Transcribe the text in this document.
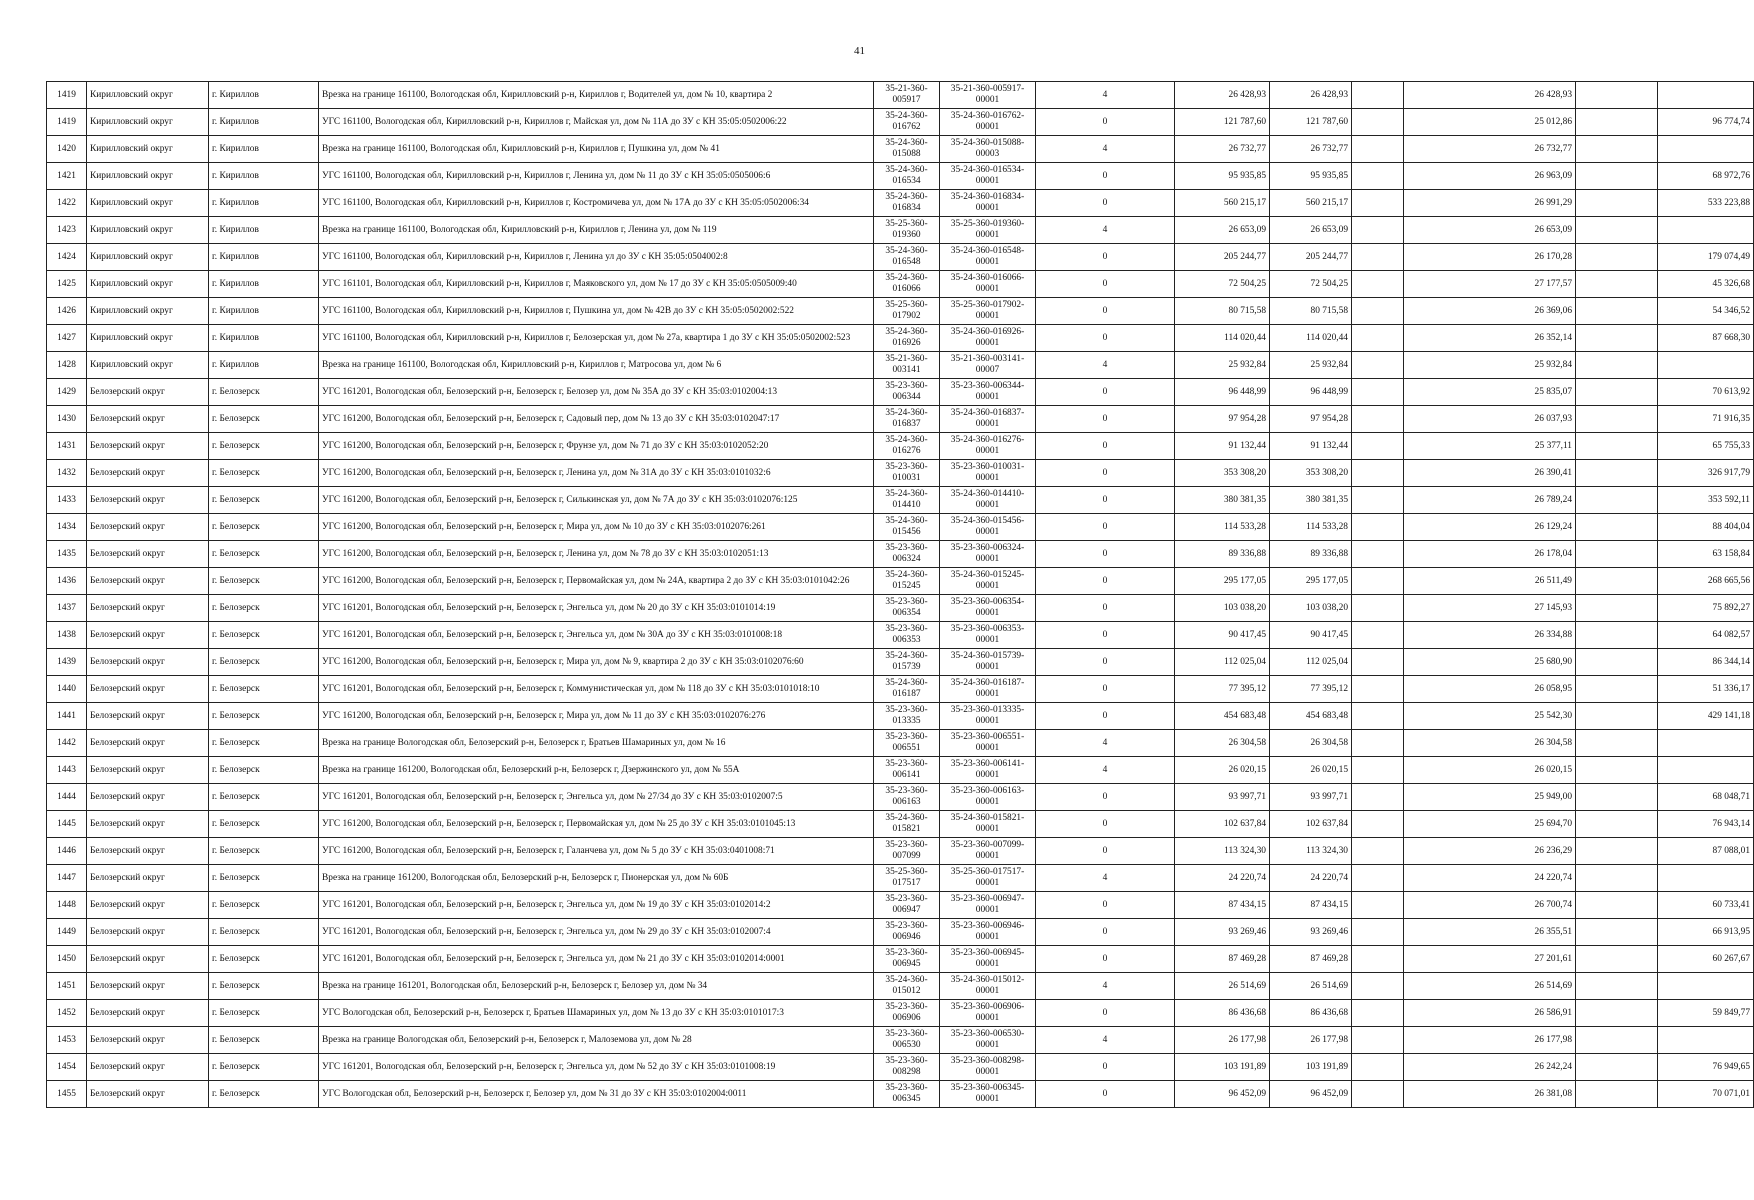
41
1419	Кирилловский округ	г. Кириллов	Врезка на границе 161100, Вологодская обл, Кирилловский р-н, Кириллов г, Водителей ул, дом № 10, квартира 2	35-21-360-005917	35-21-360-005917-00001	4	26 428,93	26 428,93		26 428,93		
1419	Кирилловский округ	г. Кириллов	УГС 161100, Вологодская обл, Кирилловский р-н, Кириллов г, Майская ул, дом № 11А до ЗУ с КН 35:05:0502006:22	35-24-360-016762	35-24-360-016762-00001	0	121 787,60	121 787,60		25 012,86		96 774,74
1420	Кирилловский округ	г. Кириллов	Врезка на границе 161100, Вологодская обл, Кирилловский р-н, Кириллов г, Пушкина ул, дом № 41	35-24-360-015088	35-24-360-015088-00003	4	26 732,77	26 732,77		26 732,77		
1421	Кирилловский округ	г. Кириллов	УГС 161100, Вологодская обл, Кирилловский р-н, Кириллов г, Ленина ул, дом № 11 до ЗУ с КН 35:05:0505006:6	35-24-360-016534	35-24-360-016534-00001	0	95 935,85	95 935,85		26 963,09		68 972,76
1422	Кирилловский округ	г. Кириллов	УГС 161100, Вологодская обл, Кирилловский р-н, Кириллов г, Костромичева ул, дом № 17А до ЗУ с КН 35:05:0502006:34	35-24-360-016834	35-24-360-016834-00001	0	560 215,17	560 215,17		26 991,29		533 223,88
1423	Кирилловский округ	г. Кириллов	Врезка на границе 161100, Вологодская обл, Кирилловский р-н, Кириллов г, Ленина ул, дом № 119	35-25-360-019360	35-25-360-019360-00001	4	26 653,09	26 653,09		26 653,09		
1424	Кирилловский округ	г. Кириллов	УГС 161100, Вологодская обл, Кирилловский р-н, Кириллов г, Ленина ул до ЗУ с КН 35:05:0504002:8	35-24-360-016548	35-24-360-016548-00001	0	205 244,77	205 244,77		26 170,28		179 074,49
1425	Кирилловский округ	г. Кириллов	УГС 161101, Вологодская обл, Кирилловский р-н, Кириллов г, Маяковского ул, дом № 17 до ЗУ с КН 35:05:0505009:40	35-24-360-016066	35-24-360-016066-00001	0	72 504,25	72 504,25		27 177,57		45 326,68
1426	Кирилловский округ	г. Кириллов	УГС 161100, Вологодская обл, Кирилловский р-н, Кириллов г, Пушкина ул, дом № 42В до ЗУ с КН 35:05:0502002:522	35-25-360-017902	35-25-360-017902-00001	0	80 715,58	80 715,58		26 369,06		54 346,52
1427	Кирилловский округ	г. Кириллов	УГС 161100, Вологодская обл, Кирилловский р-н, Кириллов г, Белозерская ул, дом № 27а, квартира 1 до ЗУ с КН 35:05:0502002:523	35-24-360-016926	35-24-360-016926-00001	0	114 020,44	114 020,44		26 352,14		87 668,30
1428	Кирилловский округ	г. Кириллов	Врезка на границе 161100, Вологодская обл, Кирилловский р-н, Кириллов г, Матросова ул, дом № 6	35-21-360-003141	35-21-360-003141-00007	4	25 932,84	25 932,84		25 932,84		
1429	Белозерский округ	г. Белозерск	УГС 161201, Вологодская обл, Белозерский р-н, Белозерск г, Белозер ул, дом № 35А до ЗУ с КН 35:03:0102004:13	35-23-360-006344	35-23-360-006344-00001	0	96 448,99	96 448,99		25 835,07		70 613,92
1430	Белозерский округ	г. Белозерск	УГС 161200, Вологодская обл, Белозерский р-н, Белозерск г, Садовый пер, дом № 13 до ЗУ с КН 35:03:0102047:17	35-24-360-016837	35-24-360-016837-00001	0	97 954,28	97 954,28		26 037,93		71 916,35
1431	Белозерский округ	г. Белозерск	УГС 161200, Вологодская обл, Белозерский р-н, Белозерск г, Фрунзе ул, дом № 71 до ЗУ с КН 35:03:0102052:20	35-24-360-016276	35-24-360-016276-00001	0	91 132,44	91 132,44		25 377,11		65 755,33
1432	Белозерский округ	г. Белозерск	УГС 161200, Вологодская обл, Белозерский р-н, Белозерск г, Ленина ул, дом № 31А до ЗУ с КН 35:03:0101032:6	35-23-360-010031	35-23-360-010031-00001	0	353 308,20	353 308,20		26 390,41		326 917,79
1433	Белозерский округ	г. Белозерск	УГС 161200, Вологодская обл, Белозерский р-н, Белозерск г, Силькинская ул, дом № 7А до ЗУ с КН 35:03:0102076:125	35-24-360-014410	35-24-360-014410-00001	0	380 381,35	380 381,35		26 789,24		353 592,11
1434	Белозерский округ	г. Белозерск	УГС 161200, Вологодская обл, Белозерский р-н, Белозерск г, Мира ул, дом № 10 до ЗУ с КН 35:03:0102076:261	35-24-360-015456	35-24-360-015456-00001	0	114 533,28	114 533,28		26 129,24		88 404,04
1435	Белозерский округ	г. Белозерск	УГС 161200, Вологодская обл, Белозерский р-н, Белозерск г, Ленина ул, дом № 78 до ЗУ с КН 35:03:0102051:13	35-23-360-006324	35-23-360-006324-00001	0	89 336,88	89 336,88		26 178,04		63 158,84
1436	Белозерский округ	г. Белозерск	УГС 161200, Вологодская обл, Белозерский р-н, Белозерск г, Первомайская ул, дом № 24А, квартира 2 до ЗУ с КН 35:03:0101042:26	35-24-360-015245	35-24-360-015245-00001	0	295 177,05	295 177,05		26 511,49		268 665,56
1437	Белозерский округ	г. Белозерск	УГС 161201, Вологодская обл, Белозерский р-н, Белозерск г, Энгельса ул, дом № 20 до ЗУ с КН 35:03:0101014:19	35-23-360-006354	35-23-360-006354-00001	0	103 038,20	103 038,20		27 145,93		75 892,27
1438	Белозерский округ	г. Белозерск	УГС 161201, Вологодская обл, Белозерский р-н, Белозерск г, Энгельса ул, дом № 30А до ЗУ с КН 35:03:0101008:18	35-23-360-006353	35-23-360-006353-00001	0	90 417,45	90 417,45		26 334,88		64 082,57
1439	Белозерский округ	г. Белозерск	УГС 161200, Вологодская обл, Белозерский р-н, Белозерск г, Мира ул, дом № 9, квартира 2 до ЗУ с КН 35:03:0102076:60	35-24-360-015739	35-24-360-015739-00001	0	112 025,04	112 025,04		25 680,90		86 344,14
1440	Белозерский округ	г. Белозерск	УГС 161201, Вологодская обл, Белозерский р-н, Белозерск г, Коммунистическая ул, дом № 118 до ЗУ с КН 35:03:0101018:10	35-24-360-016187	35-24-360-016187-00001	0	77 395,12	77 395,12		26 058,95		51 336,17
1441	Белозерский округ	г. Белозерск	УГС 161200, Вологодская обл, Белозерский р-н, Белозерск г, Мира ул, дом № 11 до ЗУ с КН 35:03:0102076:276	35-23-360-013335	35-23-360-013335-00001	0	454 683,48	454 683,48		25 542,30		429 141,18
1442	Белозерский округ	г. Белозерск	Врезка на границе Вологодская обл, Белозерский р-н, Белозерск г, Братьев Шамариных ул, дом № 16	35-23-360-006551	35-23-360-006551-00001	4	26 304,58	26 304,58		26 304,58		
1443	Белозерский округ	г. Белозерск	Врезка на границе 161200, Вологодская обл, Белозерский р-н, Белозерск г, Дзержинского ул, дом № 55А	35-23-360-006141	35-23-360-006141-00001	4	26 020,15	26 020,15		26 020,15		
1444	Белозерский округ	г. Белозерск	УГС 161201, Вологодская обл, Белозерский р-н, Белозерск г, Энгельса ул, дом № 27/34 до ЗУ с КН 35:03:0102007:5	35-23-360-006163	35-23-360-006163-00001	0	93 997,71	93 997,71		25 949,00		68 048,71
1445	Белозерский округ	г. Белозерск	УГС 161200, Вологодская обл, Белозерский р-н, Белозерск г, Первомайская ул, дом № 25 до ЗУ с КН 35:03:0101045:13	35-24-360-015821	35-24-360-015821-00001	0	102 637,84	102 637,84		25 694,70		76 943,14
1446	Белозерский округ	г. Белозерск	УГС 161200, Вологодская обл, Белозерский р-н, Белозерск г, Галанчева ул, дом № 5 до ЗУ с КН 35:03:0401008:71	35-23-360-007099	35-23-360-007099-00001	0	113 324,30	113 324,30		26 236,29		87 088,01
1447	Белозерский округ	г. Белозерск	Врезка на границе 161200, Вологодская обл, Белозерский р-н, Белозерск г, Пионерская ул, дом № 60Б	35-25-360-017517	35-25-360-017517-00001	4	24 220,74	24 220,74		24 220,74		
1448	Белозерский округ	г. Белозерск	УГС 161201, Вологодская обл, Белозерский р-н, Белозерск г, Энгельса ул, дом № 19 до ЗУ с КН 35:03:0102014:2	35-23-360-006947	35-23-360-006947-00001	0	87 434,15	87 434,15		26 700,74		60 733,41
1449	Белозерский округ	г. Белозерск	УГС 161201, Вологодская обл, Белозерский р-н, Белозерск г, Энгельса ул, дом № 29 до ЗУ с КН 35:03:0102007:4	35-23-360-006946	35-23-360-006946-00001	0	93 269,46	93 269,46		26 355,51		66 913,95
1450	Белозерский округ	г. Белозерск	УГС 161201, Вологодская обл, Белозерский р-н, Белозерск г, Энгельса ул, дом № 21 до ЗУ с КН 35:03:0102014:0001	35-23-360-006945	35-23-360-006945-00001	0	87 469,28	87 469,28		27 201,61		60 267,67
1451	Белозерский округ	г. Белозерск	Врезка на границе 161201, Вологодская обл, Белозерский р-н, Белозерск г, Белозер ул, дом № 34	35-24-360-015012	35-24-360-015012-00001	4	26 514,69	26 514,69		26 514,69		
1452	Белозерский округ	г. Белозерск	УГС Вологодская обл, Белозерский р-н, Белозерск г, Братьев Шамариных ул, дом № 13 до ЗУ с КН 35:03:0101017:3	35-23-360-006906	35-23-360-006906-00001	0	86 436,68	86 436,68		26 586,91		59 849,77
1453	Белозерский округ	г. Белозерск	Врезка на границе Вологодская обл, Белозерский р-н, Белозерск г, Малоземова ул, дом № 28	35-23-360-006530	35-23-360-006530-00001	4	26 177,98	26 177,98		26 177,98		
1454	Белозерский округ	г. Белозерск	УГС 161201, Вологодская обл, Белозерский р-н, Белозерск г, Энгельса ул, дом № 52 до ЗУ с КН 35:03:0101008:19	35-23-360-008298	35-23-360-008298-00001	0	103 191,89	103 191,89		26 242,24		76 949,65
1455	Белозерский округ	г. Белозерск	УГС Вологодская обл, Белозерский р-н, Белозерск г, Белозер ул, дом № 31 до ЗУ с КН 35:03:0102004:0011	35-23-360-006345	35-23-360-006345-00001	0	96 452,09	96 452,09		26 381,08		70 071,01
